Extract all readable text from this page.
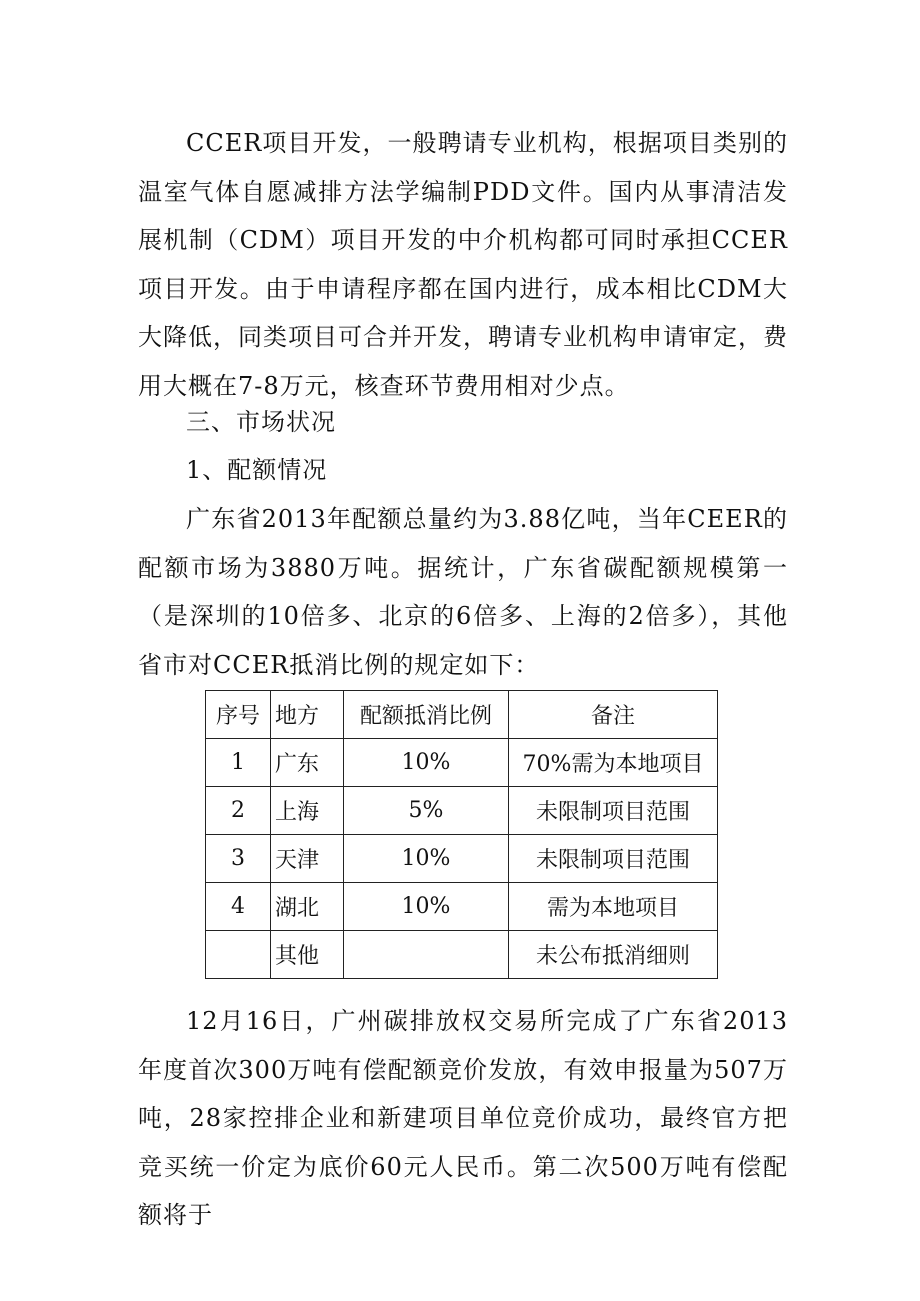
CCER项目开发，一般聘请专业机构，根据项目类别的温室气体自愿减排方法学编制PDD文件。国内从事清洁发展机制（CDM）项目开发的中介机构都可同时承担CCER项目开发。由于申请程序都在国内进行，成本相比CDM大大降低，同类项目可合并开发，聘请专业机构申请审定，费用大概在7-8万元，核查环节费用相对少点。

三、市场状况

1、配额情况

广东省2013年配额总量约为3.88亿吨，当年CEER的配额市场为3880万吨。据统计，广东省碳配额规模第一（是深圳的10倍多、北京的6倍多、上海的2倍多），其他省市对CCER抵消比例的规定如下：

序号	地方	配额抵消比例	备注
1	广东	10%	70%需为本地项目
2	上海	5%	未限制项目范围
3	天津	10%	未限制项目范围
4	湖北	10%	需为本地项目
	其他		未公布抵消细则

12月16日，广州碳排放权交易所完成了广东省2013年度首次300万吨有偿配额竞价发放，有效申报量为507万吨，28家控排企业和新建项目单位竞价成功，最终官方把竞买统一价定为底价60元人民币。第二次500万吨有偿配额将于
